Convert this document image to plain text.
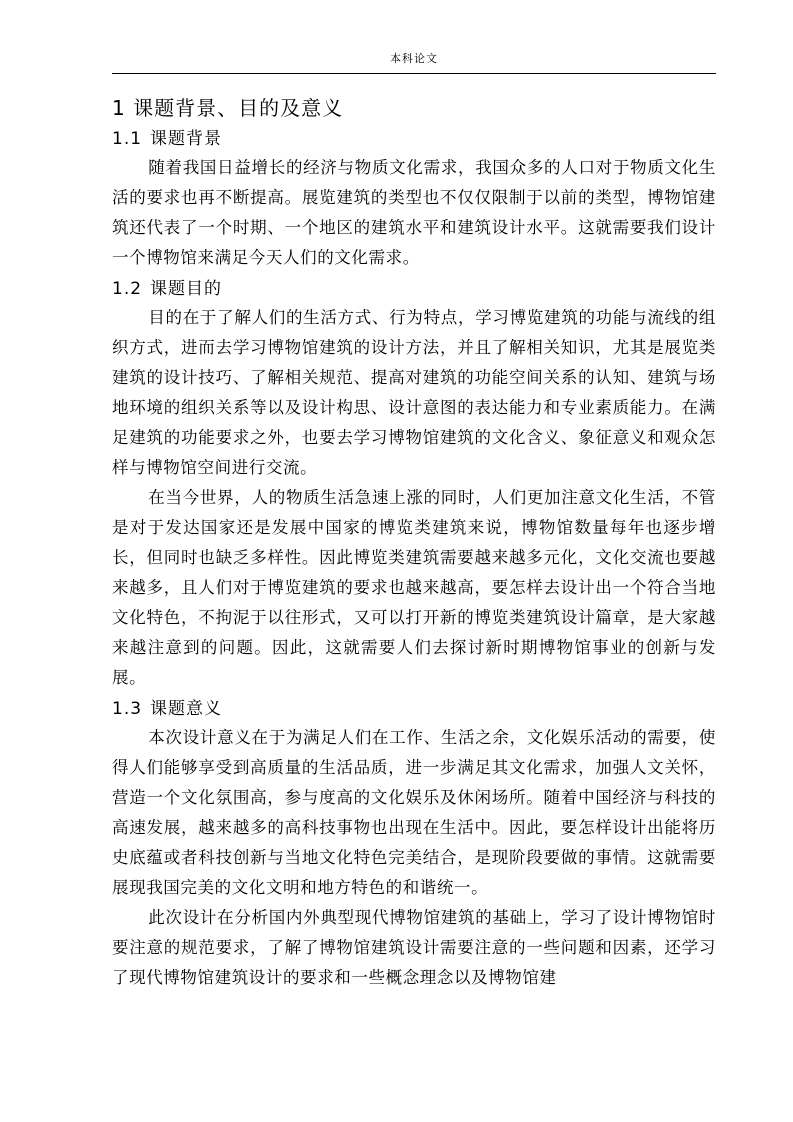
本科论文
1 课题背景、目的及意义
1.1 课题背景

随着我国日益增长的经济与物质文化需求，我国众多的人口对于物质文化生活的要求也再不断提高。展览建筑的类型也不仅仅限制于以前的类型，博物馆建筑还代表了一个时期、一个地区的建筑水平和建筑设计水平。这就需要我们设计一个博物馆来满足今天人们的文化需求。

1.2 课题目的

目的在于了解人们的生活方式、行为特点，学习博览建筑的功能与流线的组织方式，进而去学习博物馆建筑的设计方法，并且了解相关知识，尤其是展览类建筑的设计技巧、了解相关规范、提高对建筑的功能空间关系的认知、建筑与场地环境的组织关系等以及设计构思、设计意图的表达能力和专业素质能力。在满足建筑的功能要求之外，也要去学习博物馆建筑的文化含义、象征意义和观众怎样与博物馆空间进行交流。

在当今世界，人的物质生活急速上涨的同时，人们更加注意文化生活，不管是对于发达国家还是发展中国家的博览类建筑来说，博物馆数量每年也逐步增长，但同时也缺乏多样性。因此博览类建筑需要越来越多元化，文化交流也要越来越多，且人们对于博览建筑的要求也越来越高，要怎样去设计出一个符合当地文化特色，不拘泥于以往形式，又可以打开新的博览类建筑设计篇章，是大家越来越注意到的问题。因此，这就需要人们去探讨新时期博物馆事业的创新与发展。

1.3 课题意义

本次设计意义在于为满足人们在工作、生活之余，文化娱乐活动的需要，使得人们能够享受到高质量的生活品质，进一步满足其文化需求，加强人文关怀，营造一个文化氛围高，参与度高的文化娱乐及休闲场所。随着中国经济与科技的高速发展，越来越多的高科技事物也出现在生活中。因此，要怎样设计出能将历史底蕴或者科技创新与当地文化特色完美结合，是现阶段要做的事情。这就需要展现我国完美的文化文明和地方特色的和谐统一。

此次设计在分析国内外典型现代博物馆建筑的基础上，学习了设计博物馆时要注意的规范要求，了解了博物馆建筑设计需要注意的一些问题和因素，还学习了现代博物馆建筑设计的要求和一些概念理念以及博物馆建
